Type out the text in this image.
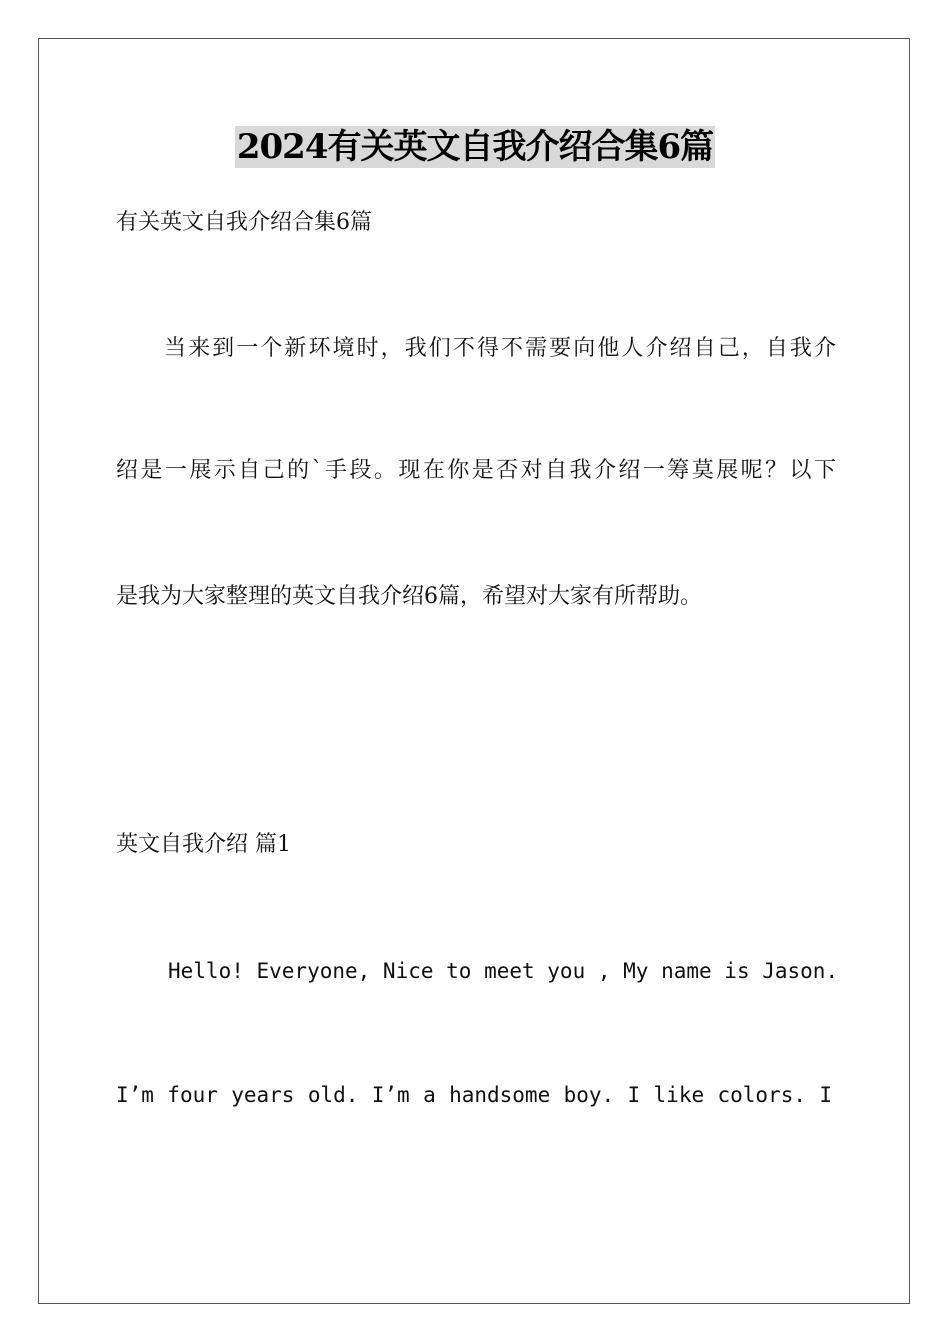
2024有关英文自我介绍合集6篇
有关英文自我介绍合集6篇
当来到一个新环境时，我们不得不需要向他人介绍自己，自我介
绍是一展示自己的`手段。现在你是否对自我介绍一筹莫展呢？以下
是我为大家整理的英文自我介绍6篇，希望对大家有所帮助。
英文自我介绍 篇1
Hello! Everyone, Nice to meet you , My name is Jason.
I’m four years old. I’m a handsome boy. I like colors. I
